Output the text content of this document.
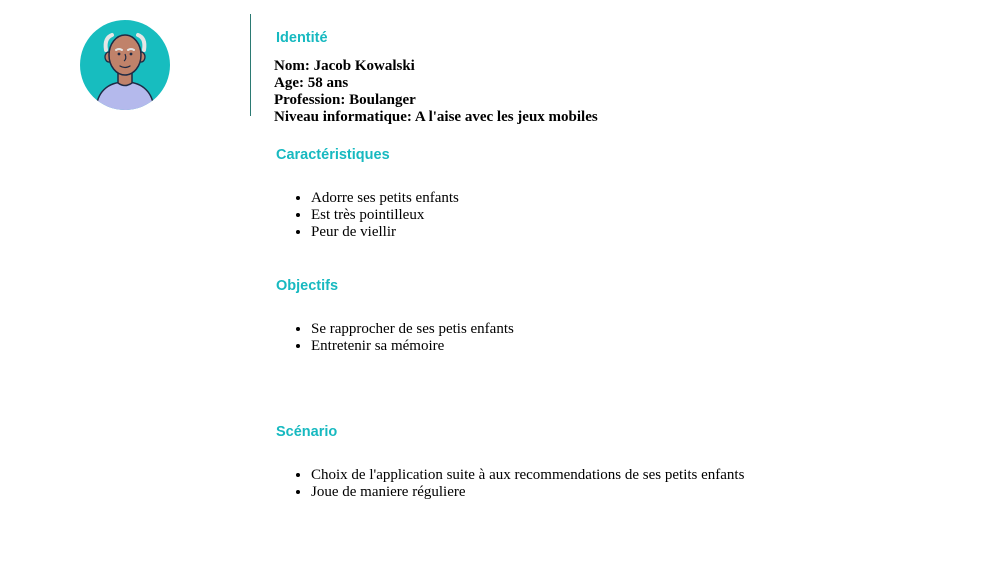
Identité
Nom: Jacob Kowalski
Age: 58 ans
Profession: Boulanger
Niveau informatique: A l'aise avec les jeux mobiles
Caractéristiques
• Adorre ses petits enfants
• Est très pointilleux
• Peur de viellir
Objectifs
• Se rapprocher de ses petis enfants
• Entretenir sa mémoire
Scénario
• Choix de l'application suite à aux recommendations de ses petits enfants
• Joue de maniere réguliere
